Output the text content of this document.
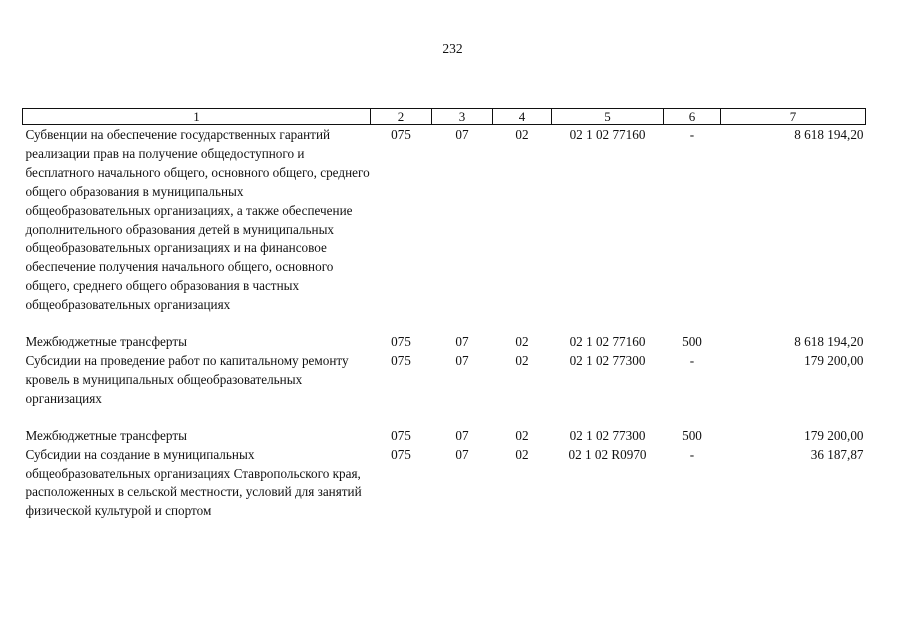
232
1	2	3	4	5	6	7
Субвенции на обеспечение государственных гарантий реализации прав на получение общедоступного и бесплатного начального общего, основного общего, среднего общего образования в муниципальных общеобразовательных организациях, а также обеспечение дополнительного образования детей в муниципальных общеобразовательных организациях и на финансовое обеспечение получения начального общего, основного общего, среднего общего образования в частных общеобразовательных организациях	075	07	02	02 1 02 77160	-	8 618 194,20
Межбюджетные трансферты	075	07	02	02 1 02 77160	500	8 618 194,20
Субсидии на проведение работ по капитальному ремонту кровель в муниципальных общеобразовательных организациях	075	07	02	02 1 02 77300	-	179 200,00
Межбюджетные трансферты	075	07	02	02 1 02 77300	500	179 200,00
Субсидии на создание в муниципальных общеобразовательных организациях Ставропольского края, расположенных в сельской местности, условий для занятий физической культурой и спортом	075	07	02	02 1 02 R0970	-	36 187,87
